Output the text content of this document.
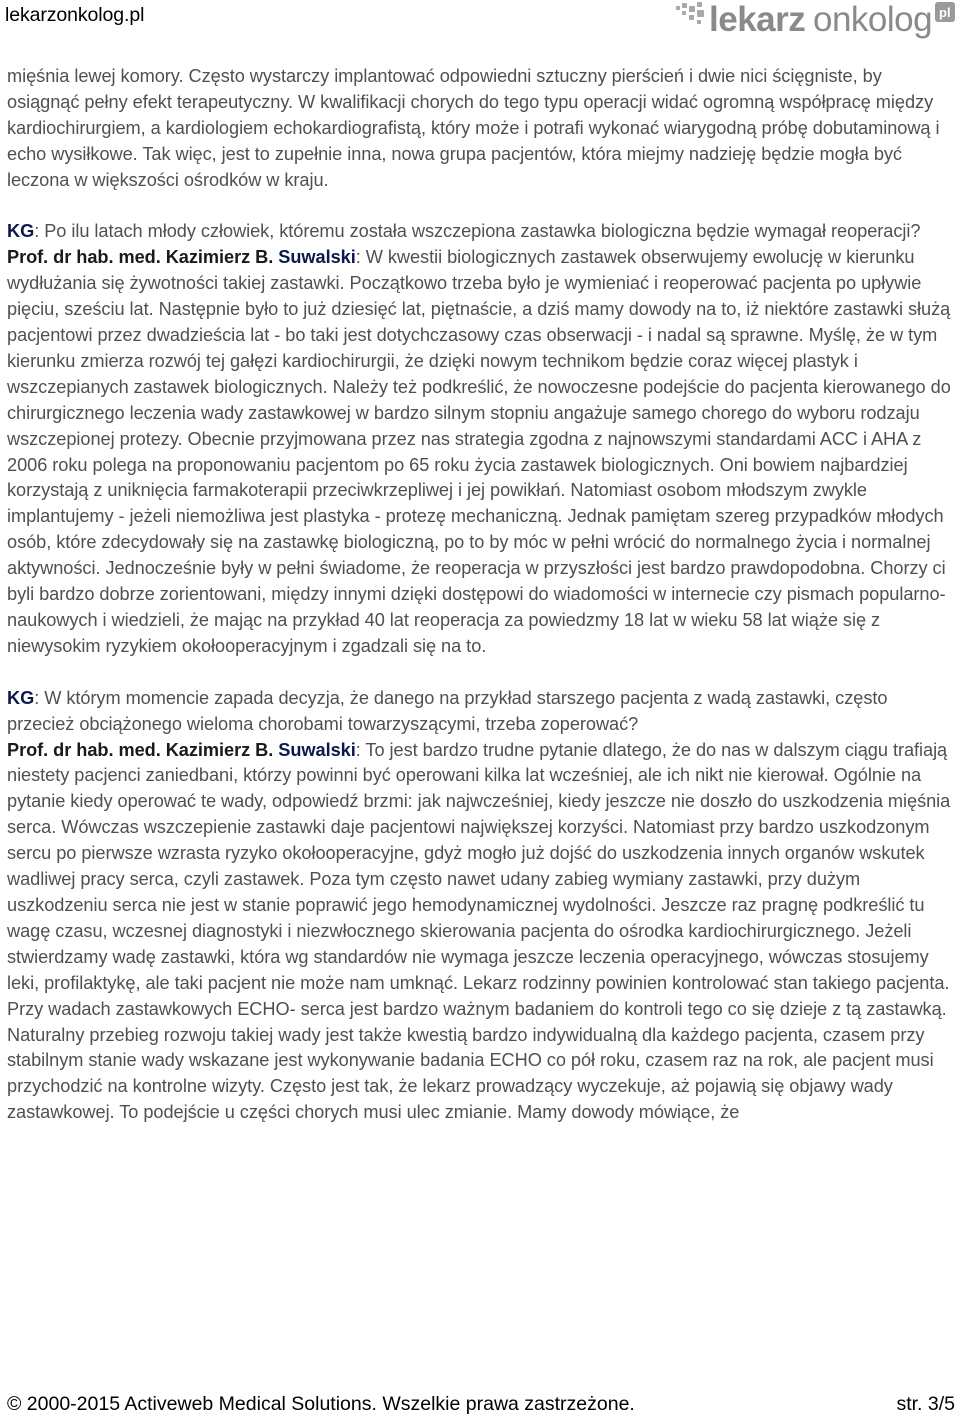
lekarzonkolog.pl	lekarz onkolog pl

mięśnia lewej komory. Często wystarczy implantować odpowiedni sztuczny pierścień i dwie nici ścięgniste, by osiągnąć pełny efekt terapeutyczny. W kwalifikacji chorych do tego typu operacji widać ogromną współpracę między kardiochirurgiem, a kardiologiem echokardiografistą, który może i potrafi wykonać wiarygodną próbę dobutaminową i echo wysiłkowe. Tak więc, jest to zupełnie inna, nowa grupa pacjentów, która miejmy nadzieję będzie mogła być leczona w większości ośrodków w kraju.

KG: Po ilu latach młody człowiek, któremu została wszczepiona zastawka biologiczna będzie wymagał reoperacji?

Prof. dr hab. med. Kazimierz B. Suwalski: W kwestii biologicznych zastawek obserwujemy ewolucję w kierunku wydłużania się żywotności takiej zastawki. Początkowo trzeba było je wymieniać i reoperować pacjenta po upływie pięciu, sześciu lat. Następnie było to już dziesięć lat, piętnaście, a dziś mamy dowody na to, iż niektóre zastawki służą pacjentowi przez dwadzieścia lat - bo taki jest dotychczasowy czas obserwacji - i nadal są sprawne. Myślę, że w tym kierunku zmierza rozwój tej gałęzi kardiochirurgii, że dzięki nowym technikom będzie coraz więcej plastyk i wszczepianych zastawek biologicznych. Należy też podkreślić, że nowoczesne podejście do pacjenta kierowanego do chirurgicznego leczenia wady zastawkowej w bardzo silnym stopniu angażuje samego chorego do wyboru rodzaju wszczepionej protezy. Obecnie przyjmowana przez nas strategia zgodna z najnowszymi standardami ACC i AHA z 2006 roku polega na proponowaniu pacjentom po 65 roku życia zastawek biologicznych. Oni bowiem najbardziej korzystają z uniknięcia farmakoterapii przeciwkrzepliwej i jej powikłań. Natomiast osobom młodszym zwykle implantujemy - jeżeli niemożliwa jest plastyka - protezę mechaniczną. Jednak pamiętam szereg przypadków młodych osób, które zdecydowały się na zastawkę biologiczną, po to by móc w pełni wrócić do normalnego życia i normalnej aktywności. Jednocześnie były w pełni świadome, że reoperacja w przyszłości jest bardzo prawdopodobna. Chorzy ci byli bardzo dobrze zorientowani, między innymi dzięki dostępowi do wiadomości w internecie czy pismach popularno-naukowych i wiedzieli, że mając na przykład 40 lat reoperacja za powiedzmy 18 lat w wieku 58 lat wiąże się z niewysokim ryzykiem okołooperacyjnym i zgadzali się na to.

KG: W którym momencie zapada decyzja, że danego na przykład starszego pacjenta z wadą zastawki, często przecież obciążonego wieloma chorobami towarzyszącymi, trzeba zoperować?

Prof. dr hab. med. Kazimierz B. Suwalski: To jest bardzo trudne pytanie dlatego, że do nas w dalszym ciągu trafiają niestety pacjenci zaniedbani, którzy powinni być operowani kilka lat wcześniej, ale ich nikt nie kierował. Ogólnie na pytanie kiedy operować te wady, odpowiedź brzmi: jak najwcześniej, kiedy jeszcze nie doszło do uszkodzenia mięśnia serca. Wówczas wszczepienie zastawki daje pacjentowi największej korzyści. Natomiast przy bardzo uszkodzonym sercu po pierwsze wzrasta ryzyko okołooperacyjne, gdyż mogło już dojść do uszkodzenia innych organów wskutek wadliwej pracy serca, czyli zastawek. Poza tym często nawet udany zabieg wymiany zastawki, przy dużym uszkodzeniu serca nie jest w stanie poprawić jego hemodynamicznej wydolności. Jeszcze raz pragnę podkreślić tu wagę czasu, wczesnej diagnostyki i niezwłocznego skierowania pacjenta do ośrodka kardiochirurgicznego. Jeżeli stwierdzamy wadę zastawki, która wg standardów nie wymaga jeszcze leczenia operacyjnego, wówczas stosujemy leki, profilaktykę, ale taki pacjent nie może nam umknąć. Lekarz rodzinny powinien kontrolować stan takiego pacjenta. Przy wadach zastawkowych ECHO- serca jest bardzo ważnym badaniem do kontroli tego co się dzieje z tą zastawką. Naturalny przebieg rozwoju takiej wady jest także kwestią bardzo indywidualną dla każdego pacjenta, czasem przy stabilnym stanie wady wskazane jest wykonywanie badania ECHO co pół roku, czasem raz na rok, ale pacjent musi przychodzić na kontrolne wizyty. Często jest tak, że lekarz prowadzący wyczekuje, aż pojawią się objawy wady zastawkowej. To podejście u części chorych musi ulec zmianie. Mamy dowody mówiące, że

© 2000-2015 Activeweb Medical Solutions. Wszelkie prawa zastrzeżone.	str. 3/5
